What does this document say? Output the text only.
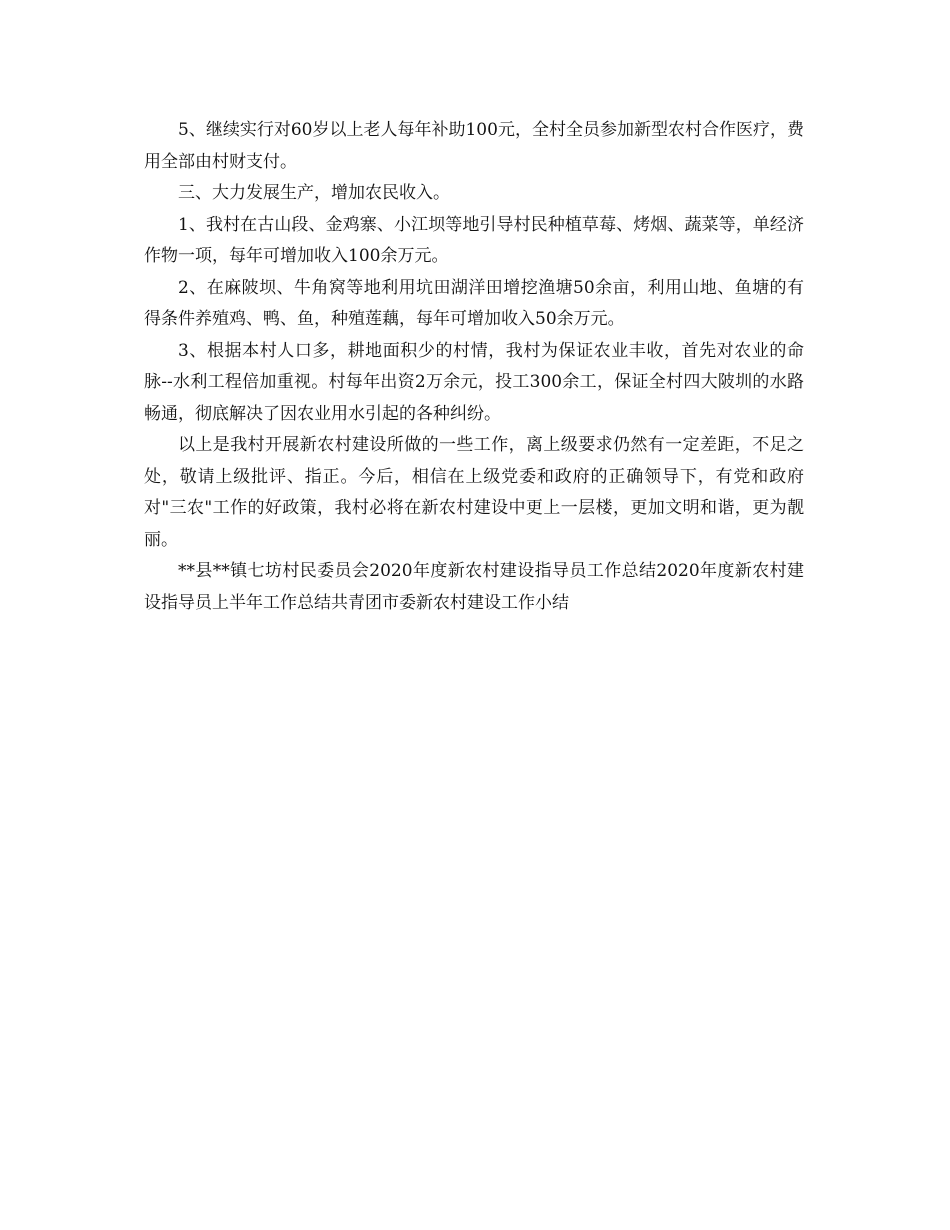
5、继续实行对60岁以上老人每年补助100元，全村全员参加新型农村合作医疗，费用全部由村财支付。

三、大力发展生产，增加农民收入。

1、我村在古山段、金鸡寨、小江坝等地引导村民种植草莓、烤烟、蔬菜等，单经济作物一项，每年可增加收入100余万元。

2、在麻陂坝、牛角窝等地利用坑田湖洋田增挖渔塘50余亩，利用山地、鱼塘的有得条件养殖鸡、鸭、鱼，种殖莲藕，每年可增加收入50余万元。

3、根据本村人口多，耕地面积少的村情，我村为保证农业丰收，首先对农业的命脉--水利工程倍加重视。村每年出资2万余元，投工300余工，保证全村四大陂圳的水路畅通，彻底解决了因农业用水引起的各种纠纷。

以上是我村开展新农村建设所做的一些工作，离上级要求仍然有一定差距，不足之处，敬请上级批评、指正。今后，相信在上级党委和政府的正确领导下，有党和政府对"三农"工作的好政策，我村必将在新农村建设中更上一层楼，更加文明和谐，更为靓丽。

**县**镇七坊村民委员会2020年度新农村建设指导员工作总结2020年度新农村建设指导员上半年工作总结共青团市委新农村建设工作小结
